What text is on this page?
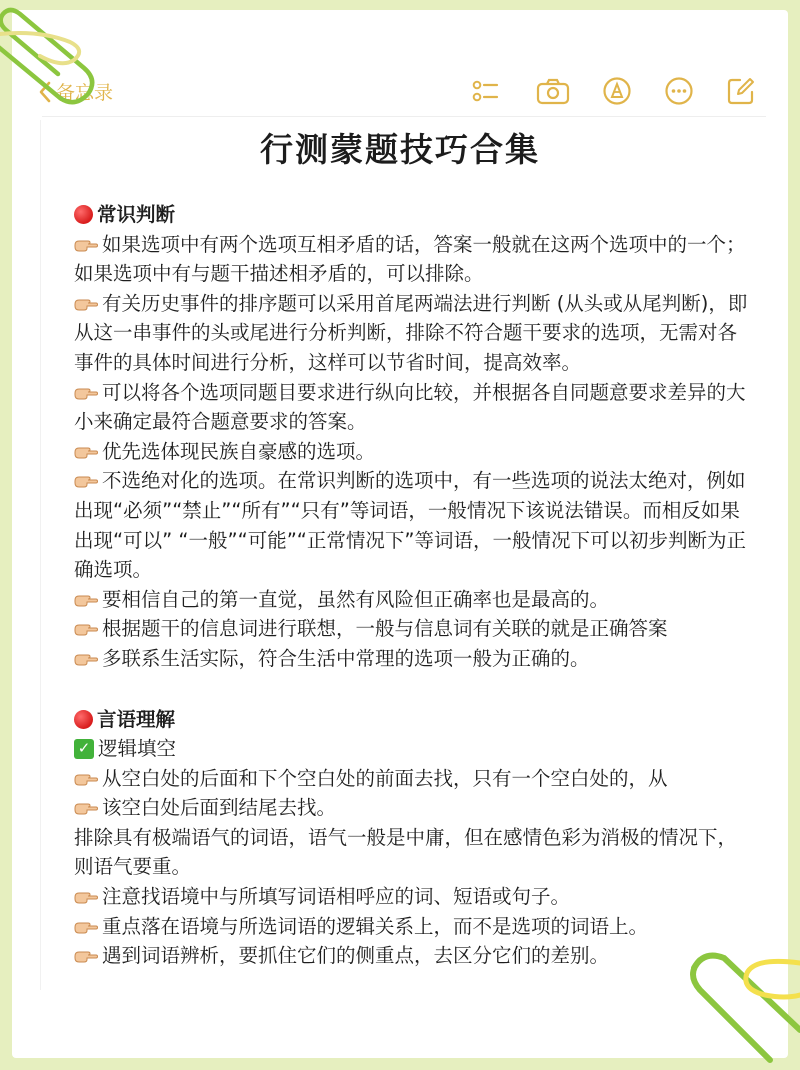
备忘录
行测蒙题技巧合集
常识判断
如果选项中有两个选项互相矛盾的话，答案一般就在这两个选项中的一个；如果选项中有与题干描述相矛盾的，可以排除。
有关历史事件的排序题可以采用首尾两端法进行判断 (从头或从尾判断)，即从这一串事件的头或尾进行分析判断，排除不符合题干要求的选项，无需对各事件的具体时间进行分析，这样可以节省时间，提高效率。
可以将各个选项同题目要求进行纵向比较，并根据各自同题意要求差异的大小来确定最符合题意要求的答案。
优先选体现民族自豪感的选项。
不选绝对化的选项。在常识判断的选项中，有一些选项的说法太绝对，例如出现“必须”“禁止”“所有”“只有”等词语，一般情况下该说法错误。而相反如果出现“可以” “一般”“可能”“正常情况下”等词语，一般情况下可以初步判断为正确选项。
要相信自己的第一直觉，虽然有风险但正确率也是最高的。
根据题干的信息词进行联想，一般与信息词有关联的就是正确答案
多联系生活实际，符合生活中常理的选项一般为正确的。
言语理解
✓ 逻辑填空
从空白处的后面和下个空白处的前面去找，只有一个空白处的，从
该空白处后面到结尾去找。
排除具有极端语气的词语，语气一般是中庸，但在感情色彩为消极的情况下，则语气要重。
注意找语境中与所填写词语相呼应的词、短语或句子。
重点落在语境与所选词语的逻辑关系上，而不是选项的词语上。
遇到词语辨析，要抓住它们的侧重点，去区分它们的差别。
